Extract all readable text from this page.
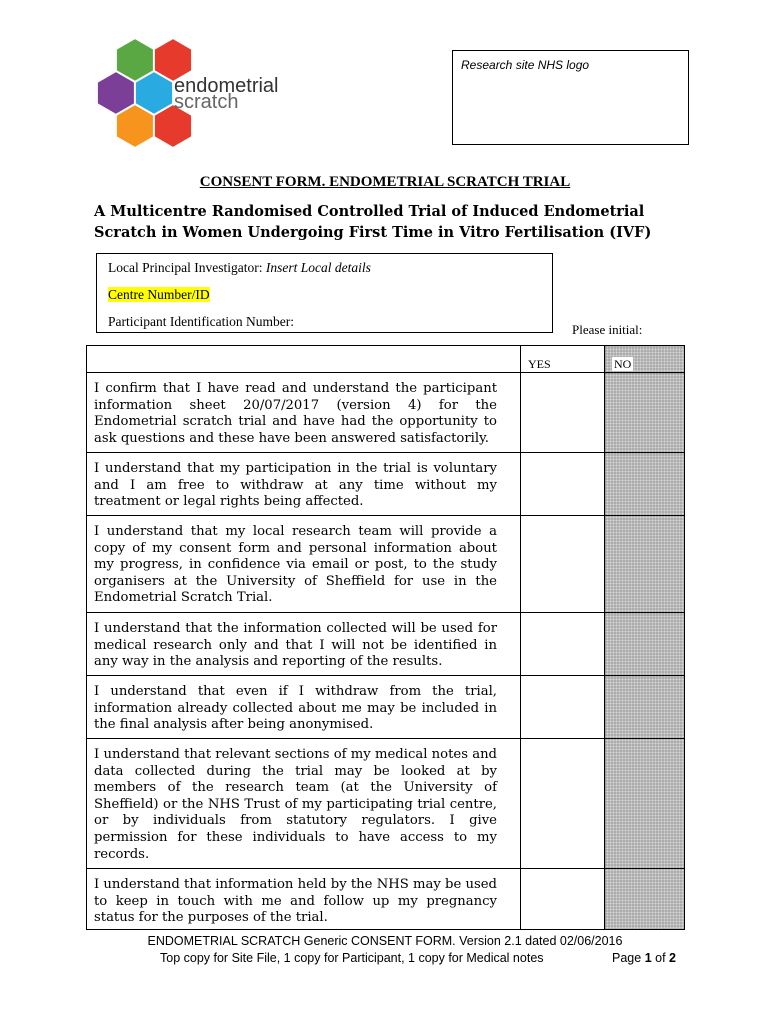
endometrial
scratch
Research site NHS logo
CONSENT FORM. ENDOMETRIAL SCRATCH TRIAL
A Multicentre Randomised Controlled Trial of Induced Endometrial
Scratch in Women Undergoing First Time in Vitro Fertilisation (IVF)
Local Principal Investigator: Insert Local details
Centre Number/ID
Participant Identification Number:
Please initial:
	YES	NO
I confirm that I have read and understand the participant information sheet 20/07/2017 (version 4) for the Endometrial scratch trial and have had the opportunity to ask questions and these have been answered satisfactorily.		
I understand that my participation in the trial is voluntary and I am free to withdraw at any time without my treatment or legal rights being affected.		
I understand that my local research team will provide a copy of my consent form and personal information about my progress, in confidence via email or post, to the study organisers at the University of Sheffield for use in the Endometrial Scratch Trial.		
I understand that the information collected will be used for medical research only and that I will not be identified in any way in the analysis and reporting of the results.		
I understand that even if I withdraw from the trial, information already collected about me may be included in the final analysis after being anonymised.		
I understand that relevant sections of my medical notes and data collected during the trial may be looked at by members of the research team (at the University of Sheffield) or the NHS Trust of my participating trial centre, or by individuals from statutory regulators. I give permission for these individuals to have access to my records.		
I understand that information held by the NHS may be used to keep in touch with me and follow up my pregnancy status for the purposes of the trial.		
ENDOMETRIAL SCRATCH Generic CONSENT FORM. Version 2.1 dated 02/06/2016
Top copy for Site File, 1 copy for Participant, 1 copy for Medical notes	Page 1 of 2
